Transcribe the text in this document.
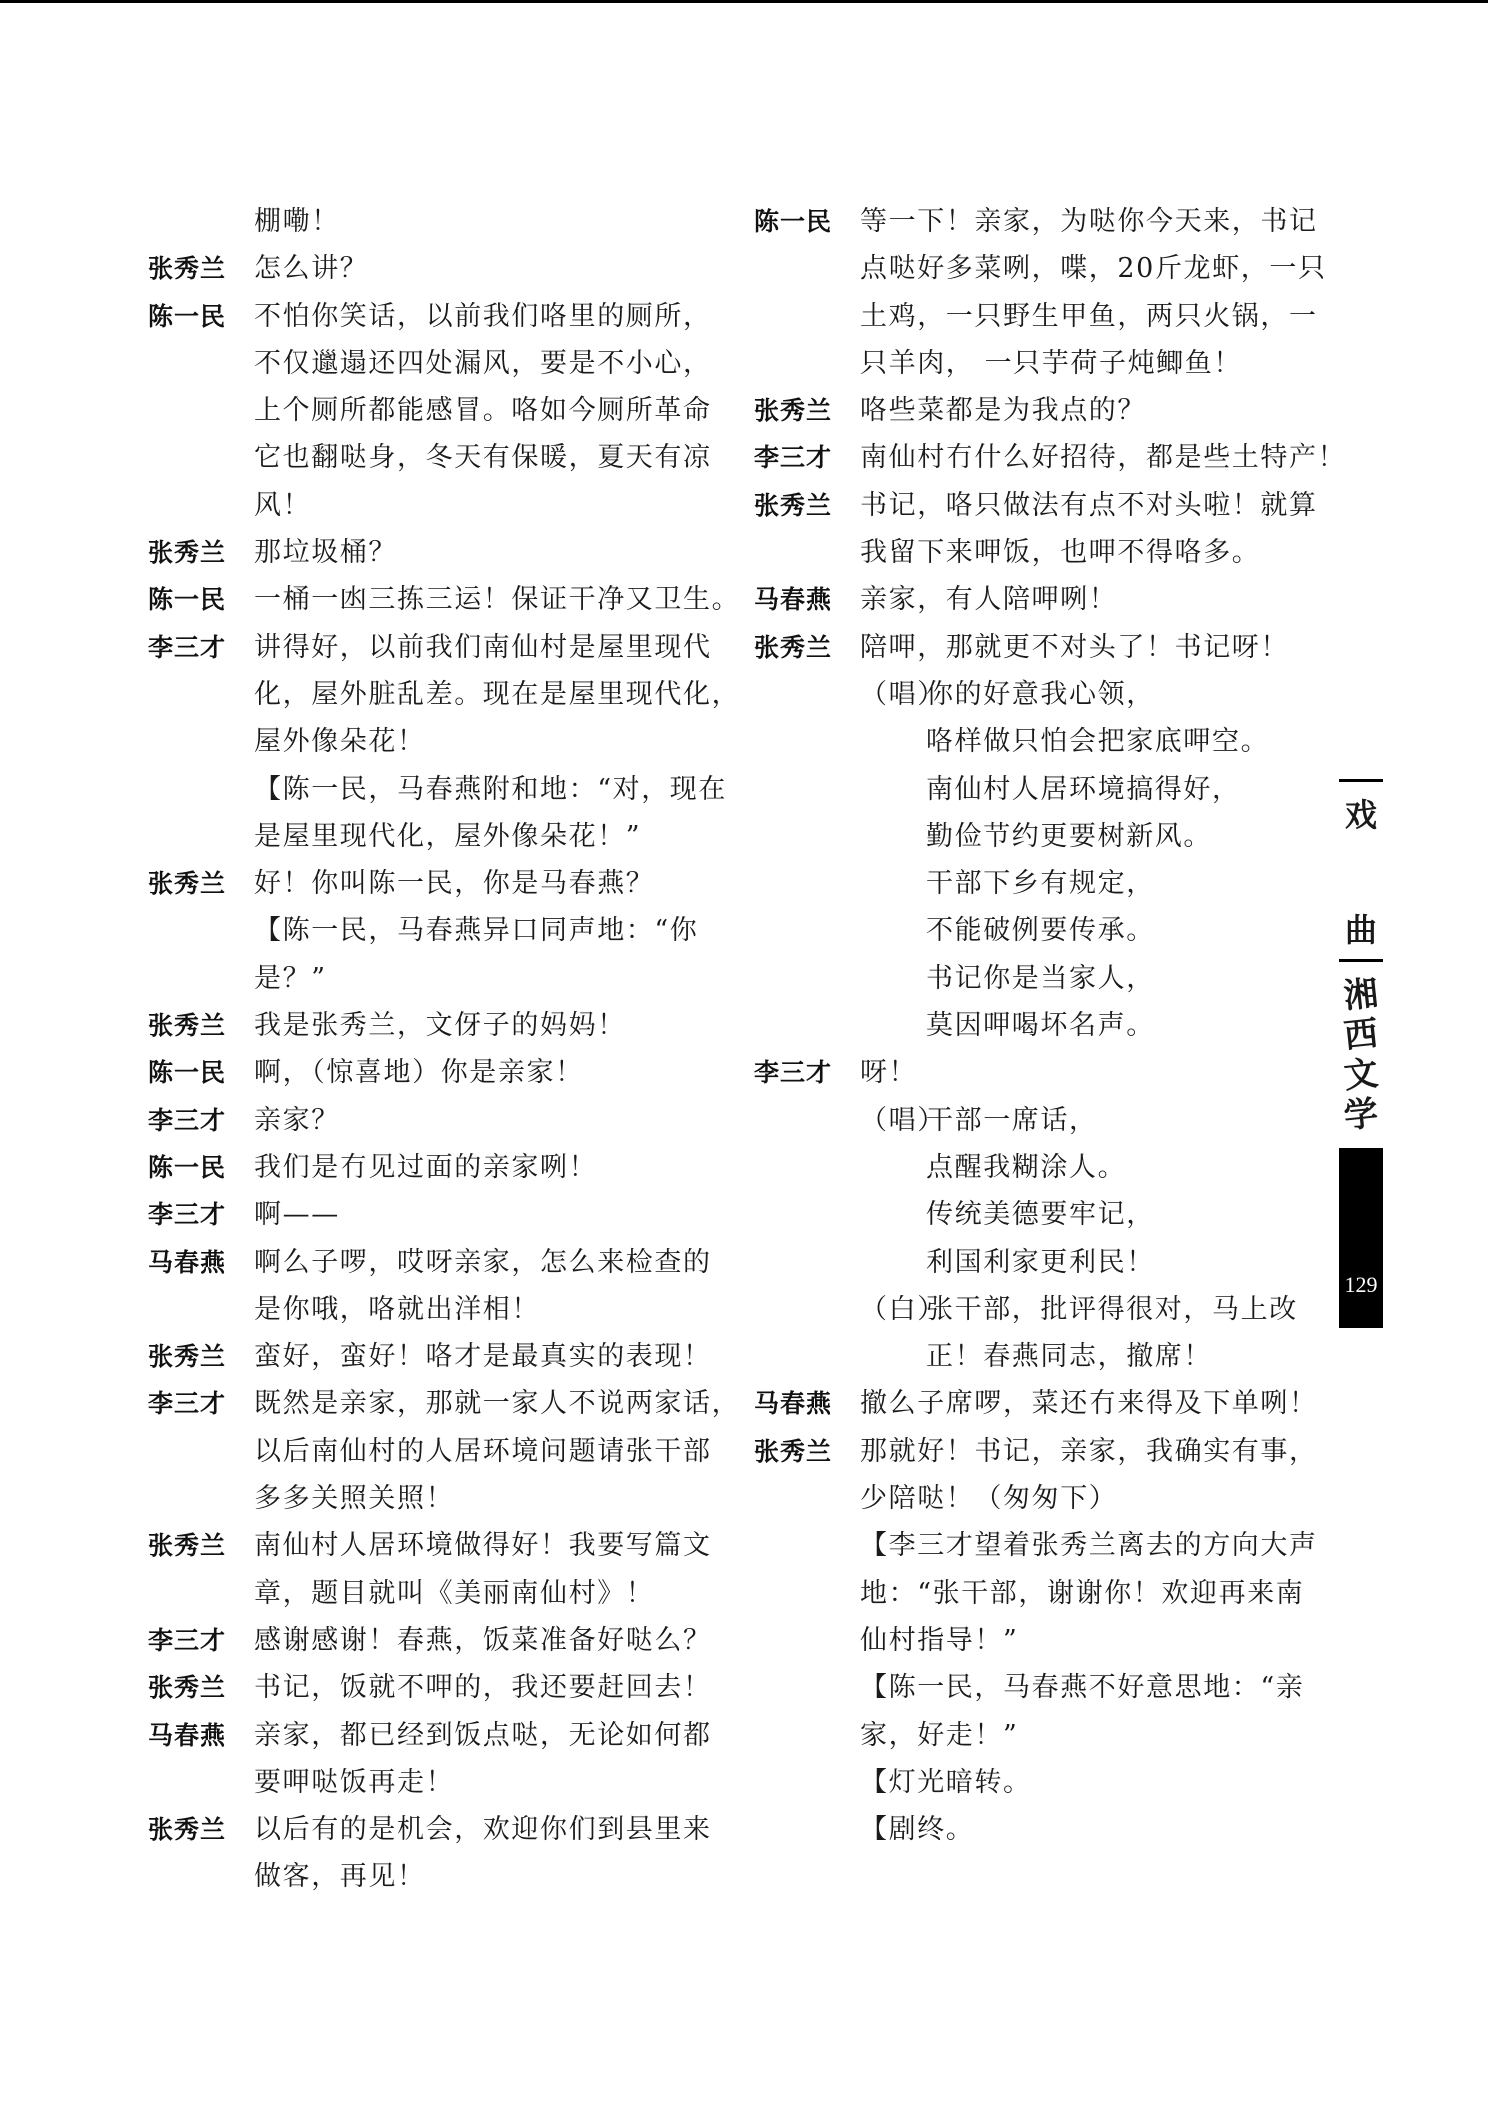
棚嘞！
张秀兰 怎么讲？
陈一民 不怕你笑话，以前我们咯里的厕所，
不仅邋遢还四处漏风，要是不小心，
上个厕所都能感冒。咯如今厕所革命
它也翻哒身，冬天有保暖，夏天有凉
风！
张秀兰 那垃圾桶？
陈一民 一桶一凼三拣三运！保证干净又卫生。
李三才 讲得好，以前我们南仙村是屋里现代
化，屋外脏乱差。现在是屋里现代化，
屋外像朵花！
【陈一民，马春燕附和地：“对，现在
是屋里现代化，屋外像朵花！”
张秀兰 好！你叫陈一民，你是马春燕？
【陈一民，马春燕异口同声地：“你
是？”
张秀兰 我是张秀兰，文伢子的妈妈！
陈一民 啊，（惊喜地）你是亲家！
李三才 亲家？
陈一民 我们是冇见过面的亲家咧！
李三才 啊——
马春燕 啊么子啰，哎呀亲家，怎么来检查的
是你哦，咯就出洋相！
张秀兰 蛮好，蛮好！咯才是最真实的表现！
李三才 既然是亲家，那就一家人不说两家话，
以后南仙村的人居环境问题请张干部
多多关照关照！
张秀兰 南仙村人居环境做得好！我要写篇文
章，题目就叫《美丽南仙村》！
李三才 感谢感谢！春燕，饭菜准备好哒么？
张秀兰 书记，饭就不呷的，我还要赶回去！
马春燕 亲家，都已经到饭点哒，无论如何都
要呷哒饭再走！
张秀兰 以后有的是机会，欢迎你们到县里来
做客，再见！
陈一民 等一下！亲家，为哒你今天来，书记
点哒好多菜咧，喋，20斤龙虾，一只
土鸡，一只野生甲鱼，两只火锅，一
只羊肉， 一只芋荷子炖鲫鱼！
张秀兰 咯些菜都是为我点的？
李三才 南仙村冇什么好招待，都是些土特产！
张秀兰 书记，咯只做法有点不对头啦！就算
我留下来呷饭，也呷不得咯多。
马春燕 亲家，有人陪呷咧！
张秀兰 陪呷，那就更不对头了！书记呀！
（唱）
你的好意我心领，
咯样做只怕会把家底呷空。
南仙村人居环境搞得好，
勤俭节约更要树新风。
干部下乡有规定，
不能破例要传承。
书记你是当家人，
莫因呷喝坏名声。
李三才 呀！
（唱）
干部一席话，
点醒我糊涂人。
传统美德要牢记，
利国利家更利民！
（白）
张干部，批评得很对，马上改
正！春燕同志，撤席！
马春燕 撤么子席啰，菜还冇来得及下单咧！
张秀兰 那就好！书记，亲家，我确实有事，
少陪哒！（匆匆下）
【李三才望着张秀兰离去的方向大声
地：“张干部，谢谢你！欢迎再来南
仙村指导！”
【陈一民，马春燕不好意思地：“亲
家，好走！”
【灯光暗转。
【剧终。
戏
曲
湘
西
文
学
129
